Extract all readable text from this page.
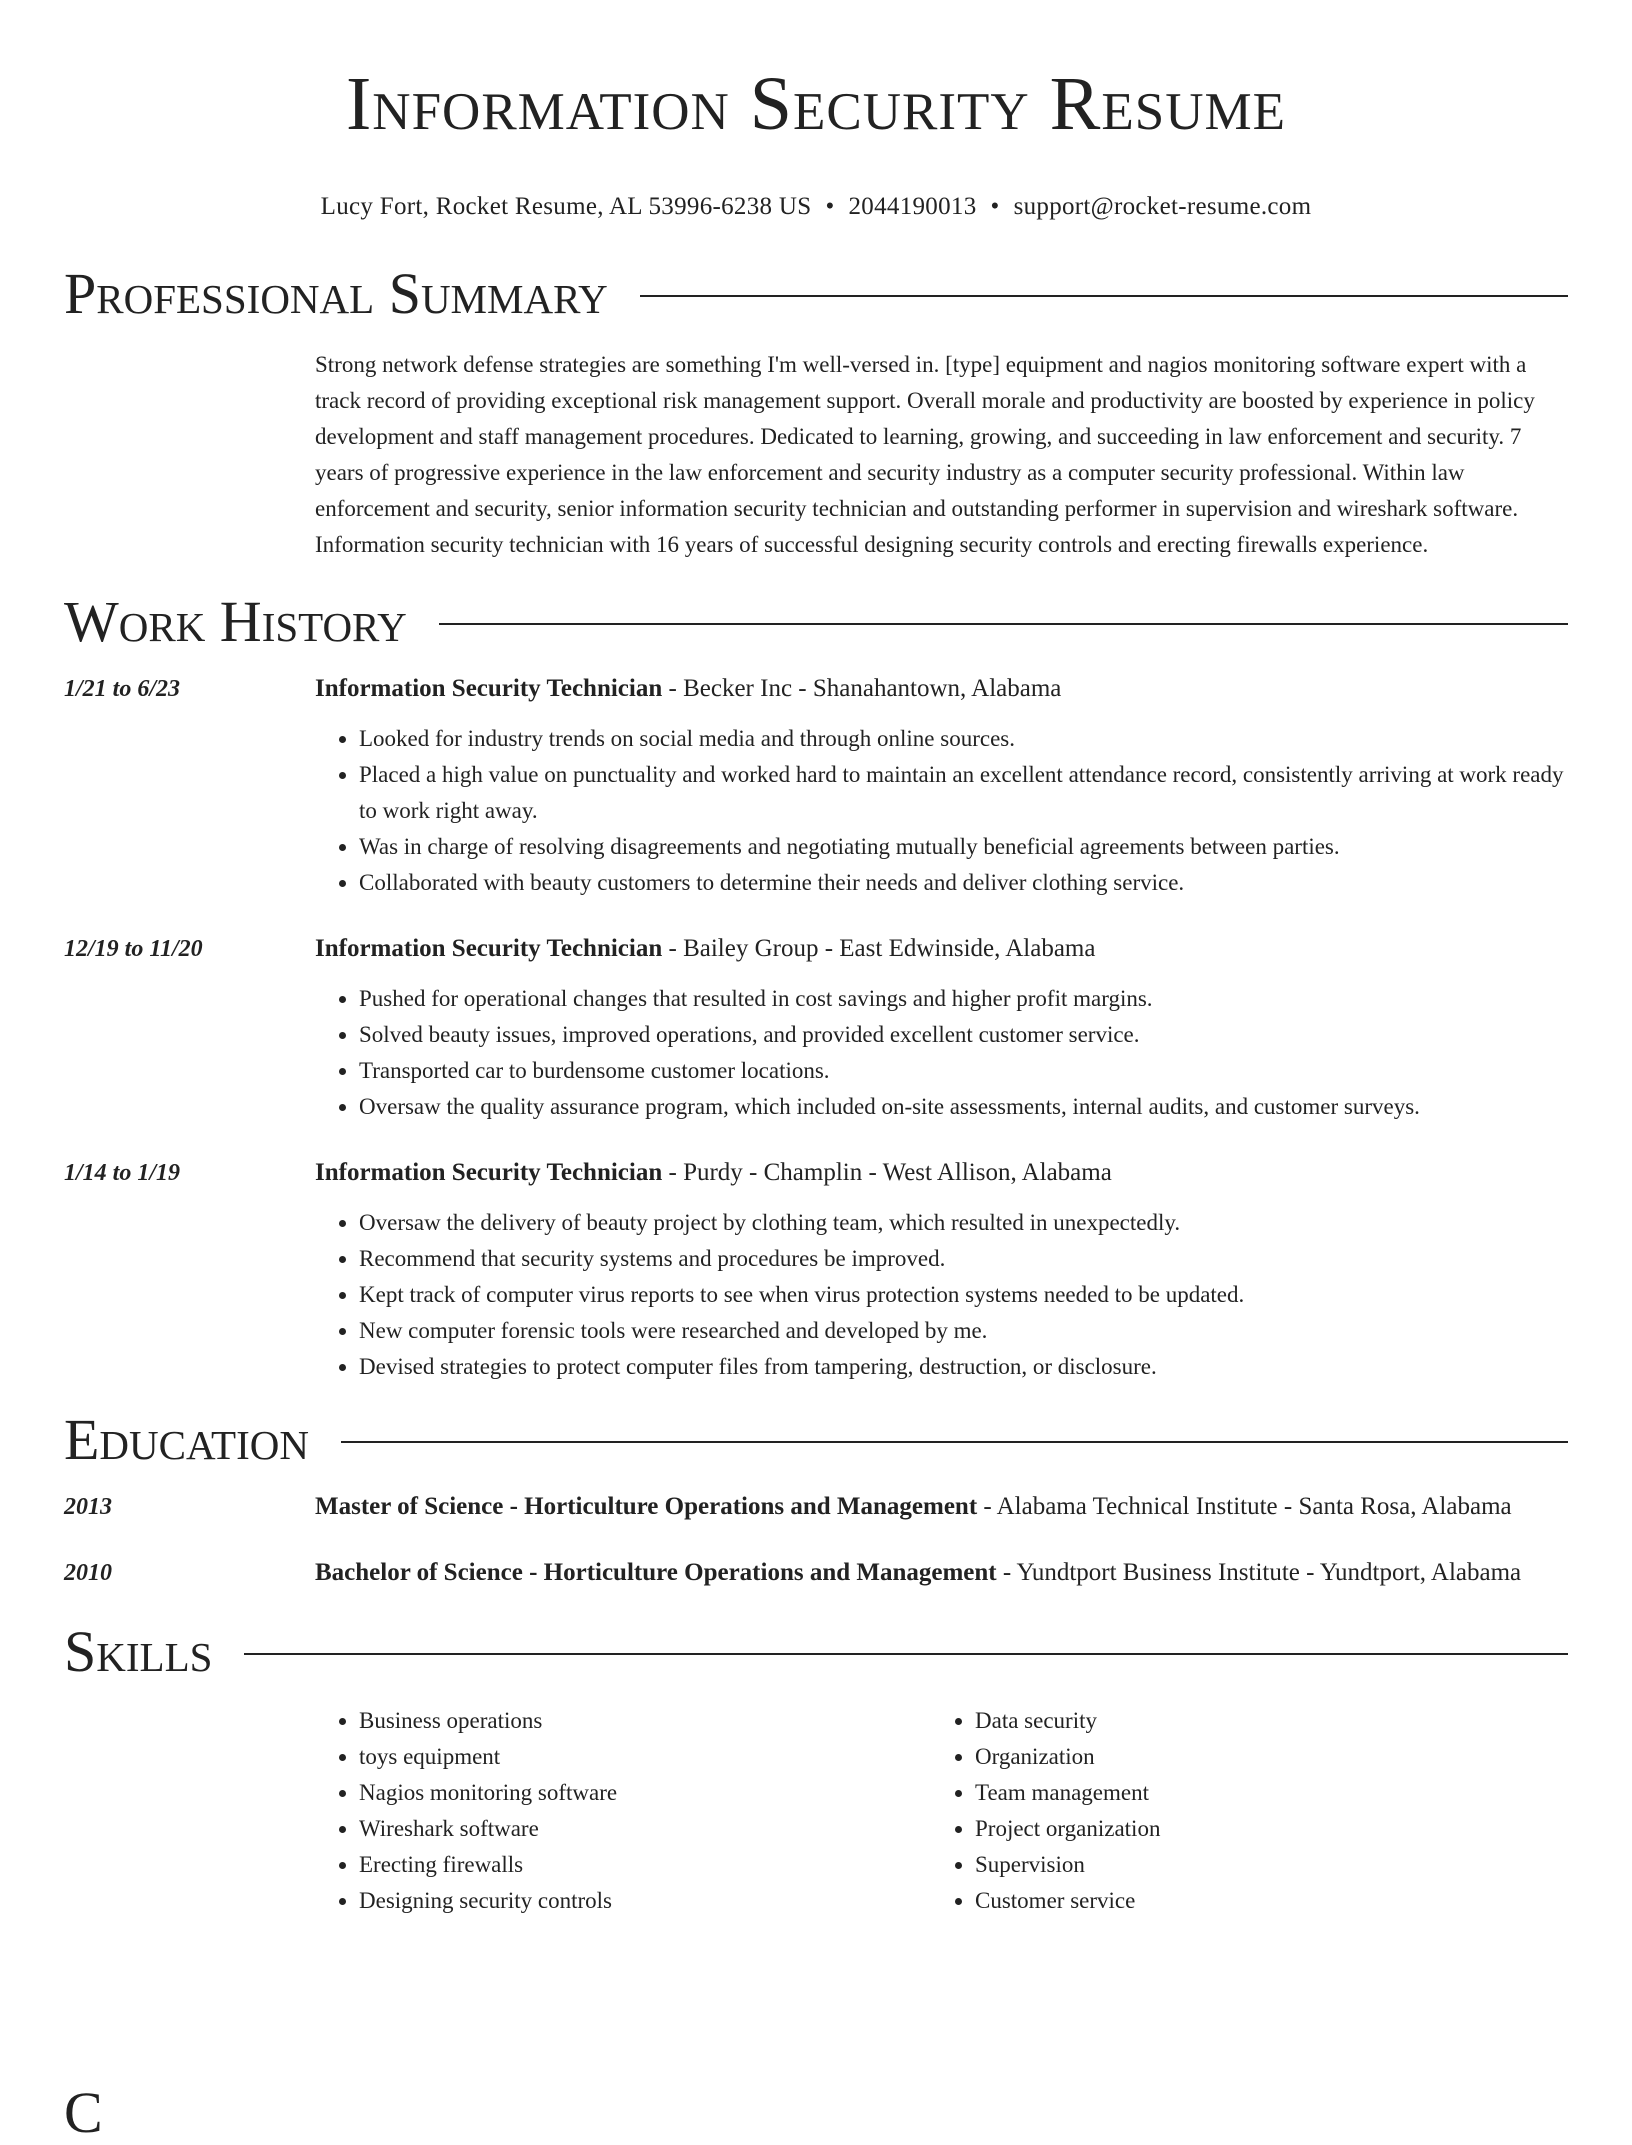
Information Security Resume
Lucy Fort, Rocket Resume, AL 53996-6238 US • 2044190013 • support@rocket-resume.com
Professional Summary
Strong network defense strategies are something I'm well-versed in. [type] equipment and nagios monitoring software expert with a track record of providing exceptional risk management support. Overall morale and productivity are boosted by experience in policy development and staff management procedures. Dedicated to learning, growing, and succeeding in law enforcement and security. 7 years of progressive experience in the law enforcement and security industry as a computer security professional. Within law enforcement and security, senior information security technician and outstanding performer in supervision and wireshark software. Information security technician with 16 years of successful designing security controls and erecting firewalls experience.
Work History
1/21 to 6/23	Information Security Technician - Becker Inc - Shanahantown, Alabama
• Looked for industry trends on social media and through online sources.
• Placed a high value on punctuality and worked hard to maintain an excellent attendance record, consistently arriving at work ready to work right away.
• Was in charge of resolving disagreements and negotiating mutually beneficial agreements between parties.
• Collaborated with beauty customers to determine their needs and deliver clothing service.
12/19 to 11/20	Information Security Technician - Bailey Group - East Edwinside, Alabama
• Pushed for operational changes that resulted in cost savings and higher profit margins.
• Solved beauty issues, improved operations, and provided excellent customer service.
• Transported car to burdensome customer locations.
• Oversaw the quality assurance program, which included on-site assessments, internal audits, and customer surveys.
1/14 to 1/19	Information Security Technician - Purdy - Champlin - West Allison, Alabama
• Oversaw the delivery of beauty project by clothing team, which resulted in unexpectedly.
• Recommend that security systems and procedures be improved.
• Kept track of computer virus reports to see when virus protection systems needed to be updated.
• New computer forensic tools were researched and developed by me.
• Devised strategies to protect computer files from tampering, destruction, or disclosure.
Education
2013	Master of Science - Horticulture Operations and Management - Alabama Technical Institute - Santa Rosa, Alabama
2010	Bachelor of Science - Horticulture Operations and Management - Yundtport Business Institute - Yundtport, Alabama
Skills
• Business operations
• toys equipment
• Nagios monitoring software
• Wireshark software
• Erecting firewalls
• Designing security controls
• Data security
• Organization
• Team management
• Project organization
• Supervision
• Customer service
C
